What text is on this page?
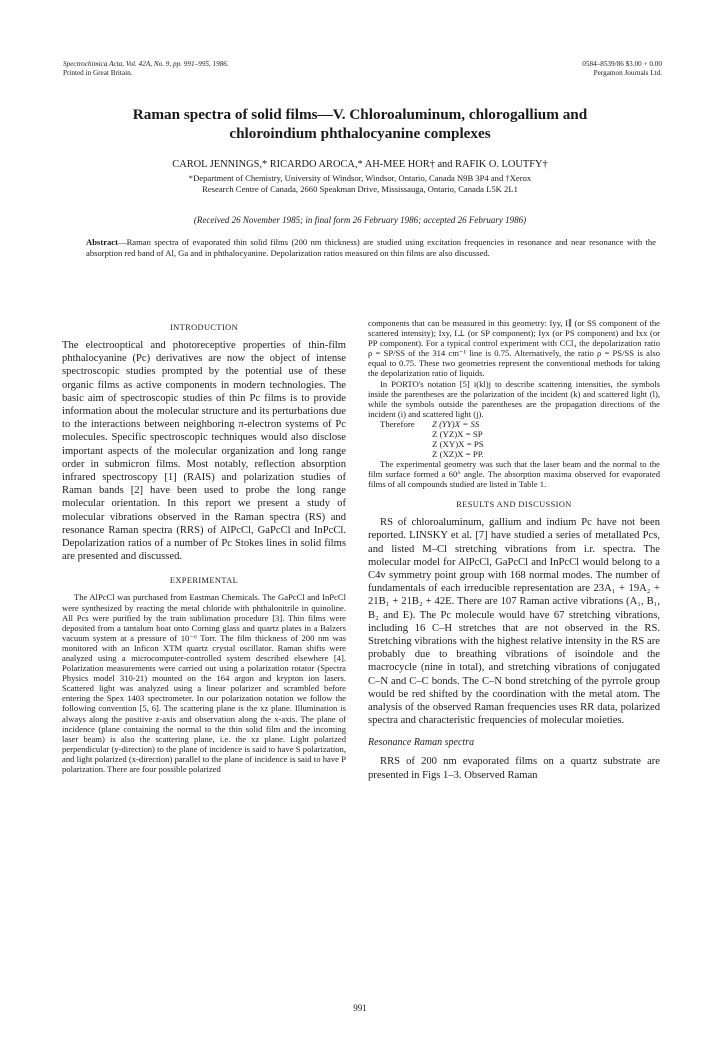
Spectrochimica Acta, Vol. 42A, No. 9, pp. 991–995, 1986.
Printed in Great Britain.
0584–8539/86 $3.00 + 0.00
Pergamon Journals Ltd.
Raman spectra of solid films—V. Chloroaluminum, chlorogallium and
chloroindium phthalocyanine complexes
CAROL JENNINGS,* RICARDO AROCA,* AH-MEE HOR† and RAFIK O. LOUTFY†
*Department of Chemistry, University of Windsor, Windsor, Ontario, Canada N9B 3P4 and †Xerox
Research Centre of Canada, 2660 Speakman Drive, Mississauga, Ontario, Canada L5K 2L1
(Received 26 November 1985; in final form 26 February 1986; accepted 26 February 1986)
Abstract—Raman spectra of evaporated thin solid films (200 nm thickness) are studied using excitation frequencies in resonance and near resonance with the absorption red band of Al, Ga and in phthalocyanine. Depolarization ratios measured on thin films are also discussed.
INTRODUCTION

The electrooptical and photoreceptive properties of thin-film phthalocyanine (Pc) derivatives are now the object of intense spectroscopic studies prompted by the potential use of these organic films as active components in modern technologies. The basic aim of spectroscopic studies of thin Pc films is to provide information about the molecular structure and its perturbations due to the interactions between neighboring π-electron systems of Pc molecules. Specific spectroscopic techniques would also disclose important aspects of the molecular organization and long range order in submicron films. Most notably, reflection absorption infrared spectroscopy [1] (RAIS) and polarization studies of Raman bands [2] have been used to probe the long range molecular orientation. In this report we present a study of molecular vibrations observed in the Raman spectra (RS) and resonance Raman spectra (RRS) of AlPcCl, GaPcCl and InPcCl. Depolarization ratios of a number of Pc Stokes lines in solid films are presented and discussed.

EXPERIMENTAL

The AlPcCl was purchased from Eastman Chemicals. The GaPcCl and InPcCl were synthesized by reacting the metal chloride with phthalonitrile in quinoline. All Pcs were purified by the train sublimation procedure [3]. Thin films were deposited from a tantalum boat onto Corning glass and quartz plates in a Balzers vacuum system at a pressure of 10⁻⁶ Torr. The film thickness of 200 nm was monitored with an Inficon XTM quartz crystal oscillator. Raman shifts were analyzed using a microcomputer-controlled system described elsewhere [4]. Polarization measurements were carried out using a polarization rotator (Spectra Physics model 310-21) mounted on the 164 argon and krypton ion lasers. Scattered light was analyzed using a linear polarizer and scrambled before entering the Spex 1403 spectrometer. In our polarization notation we follow the following convention [5, 6]. The scattering plane is the xz plane. Illumination is always along the positive z-axis and observation along the x-axis. The plane of incidence (plane containing the normal to the thin solid film and the incoming laser beam) is also the scattering plane, i.e. the xz plane. Light polarized perpendicular (y-direction) to the plane of incidence is said to have S polarization, and light polarized (x-direction) parallel to the plane of incidence is said to have P polarization. There are four possible polarized

components that can be measured in this geometry: Iyy, I∥ (or SS component of the scattered intensity); Ixy, I⊥ (or SP component); Iyx (or PS component) and Ixx (or PP component). For a typical control experiment with CCl₄ the depolarization ratio ρ = SP/SS of the 314 cm⁻¹ line is 0.75. Alternatively, the ratio ρ = PS/SS is also equal to 0.75. These two geometries represent the conventional methods for taking the depolarization ratio of liquids.

In PORTO's notation [5] i(kl)j to describe scattering intensities, the symbols inside the parentheses are the polarization of the incident (k) and scattered light (l), while the symbols outside the parentheses are the propagation directions of the incident (i) and scattered light (j).

Therefore Z (YY)X = SS
Z (YZ)X = SP
Z (XY)X = PS
Z (XZ)X = PP.

The experimental geometry was such that the laser beam and the normal to the film surface formed a 60° angle. The absorption maxima observed for evaporated films of all compounds studied are listed in Table 1.

RESULTS AND DISCUSSION

RS of chloroaluminum, gallium and indium Pc have not been reported. LINSKY et al. [7] have studied a series of metallated Pcs, and listed M–Cl stretching vibrations from i.r. spectra. The molecular model for AlPcCl, GaPcCl and InPcCl would belong to a C4v symmetry point group with 168 normal modes. The number of fundamentals of each irreducible representation are 23A₁ + 19A₂ + 21B₁ + 21B₂ + 42E. There are 107 Raman active vibrations (A₁, B₁, B₂ and E). The Pc molecule would have 67 stretching vibrations, including 16 C–H stretches that are not observed in the RS. Stretching vibrations with the highest relative intensity in the RS are probably due to breathing vibrations of isoindole and the macrocycle (nine in total), and stretching vibrations of conjugated C–N and C–C bonds. The C–N bond stretching of the pyrrole group would be red shifted by the coordination with the metal atom. The analysis of the observed Raman frequencies uses RR data, polarized spectra and characteristic frequencies of molecular moieties.

Resonance Raman spectra

RRS of 200 nm evaporated films on a quartz substrate are presented in Figs 1–3. Observed Raman

991
